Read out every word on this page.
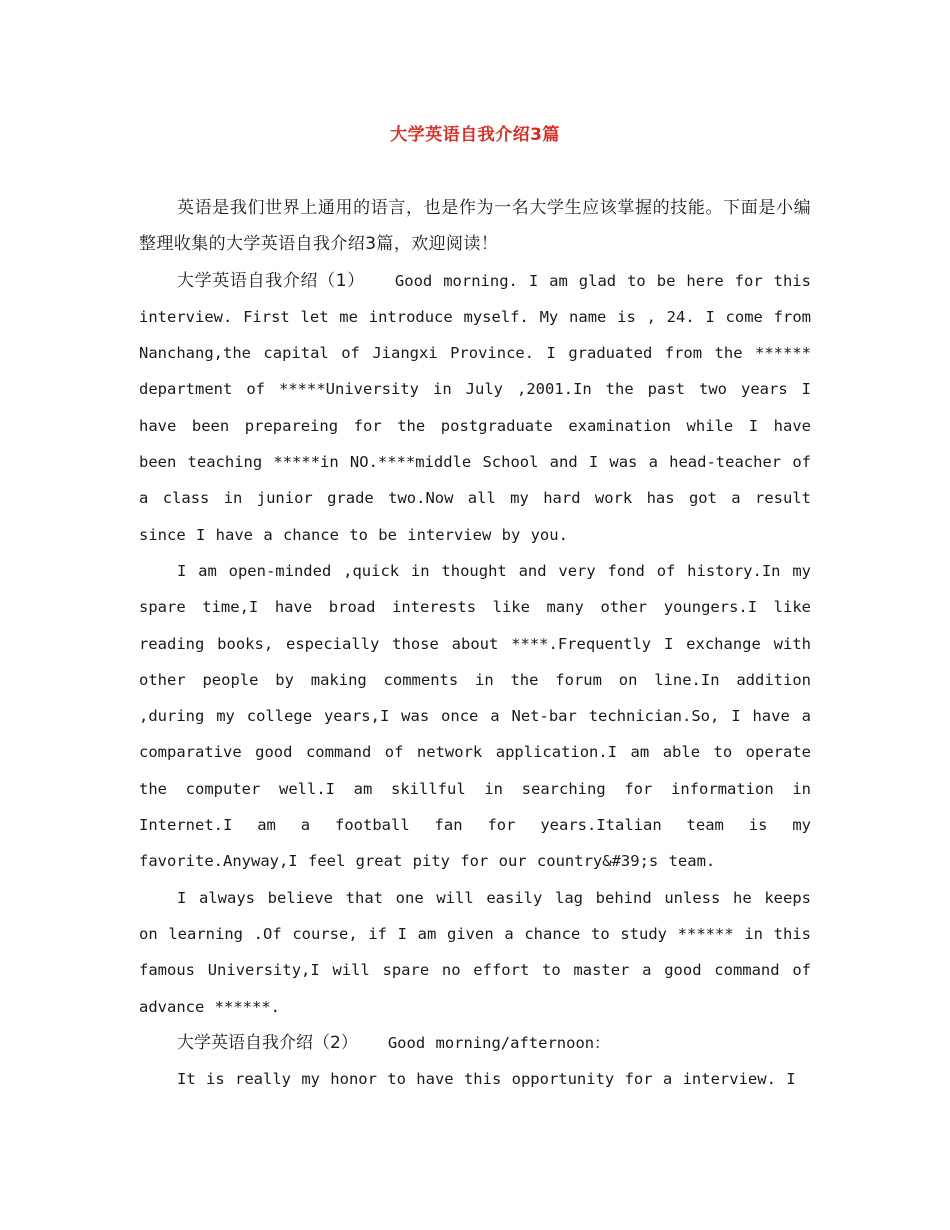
大学英语自我介绍3篇

英语是我们世界上通用的语言，也是作为一名大学生应该掌握的技能。下面是小编整理收集的大学英语自我介绍3篇，欢迎阅读！

大学英语自我介绍（1） Good morning. I am glad to be here for this interview. First let me introduce myself. My name is , 24. I come from Nanchang,the capital of Jiangxi Province. I graduated from the ****** department of *****University in July ,2001.In the past two years I have been prepareing for the postgraduate examination while I have been teaching *****in NO.****middle School and I was a head-teacher of a class in junior grade two.Now all my hard work has got a result since I have a chance to be interview by you.

I am open-minded ,quick in thought and very fond of history.In my spare time,I have broad interests like many other youngers.I like reading books, especially those about ****.Frequently I exchange with other people by making comments in the forum on line.In addition ,during my college years,I was once a Net-bar technician.So, I have a comparative good command of network application.I am able to operate the computer well.I am skillful in searching for information in Internet.I am a football fan for years.Italian team is my favorite.Anyway,I feel great pity for our country&#39;s team.

I always believe that one will easily lag behind unless he keeps on learning .Of course, if I am given a chance to study ****** in this famous University,I will spare no effort to master a good command of advance ******.

大学英语自我介绍（2） Good morning/afternoon：

It is really my honor to have this opportunity for a interview. I
